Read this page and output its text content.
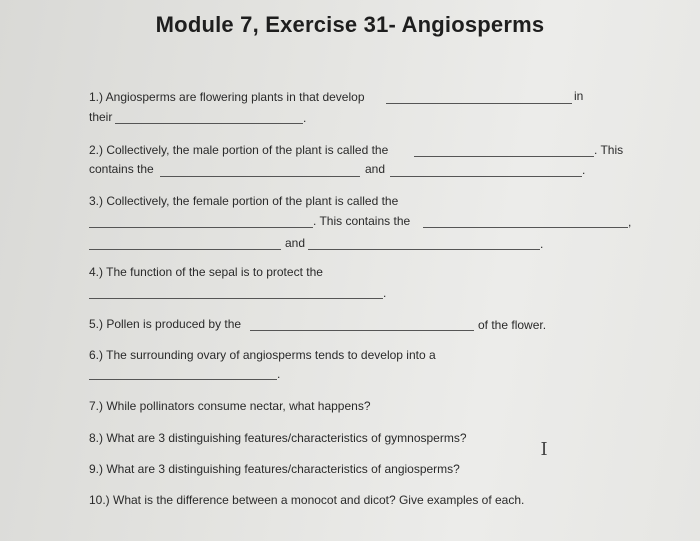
Module 7, Exercise 31- Angiosperms
1.) Angiosperms are flowering plants in that develop	in
their	.
2.) Collectively, the male portion of the plant is called the	. This
contains the	and	.
3.) Collectively, the female portion of the plant is called the
. This contains the	,
and	.
4.) The function of the sepal is to protect the
.
5.) Pollen is produced by the	of the flower.
6.) The surrounding ovary of angiosperms tends to develop into a
.
7.) While pollinators consume nectar, what happens?
8.) What are 3 distinguishing features/characteristics of gymnosperms?
9.) What are 3 distinguishing features/characteristics of angiosperms?
10.) What is the difference between a monocot and dicot? Give examples of each.
I
